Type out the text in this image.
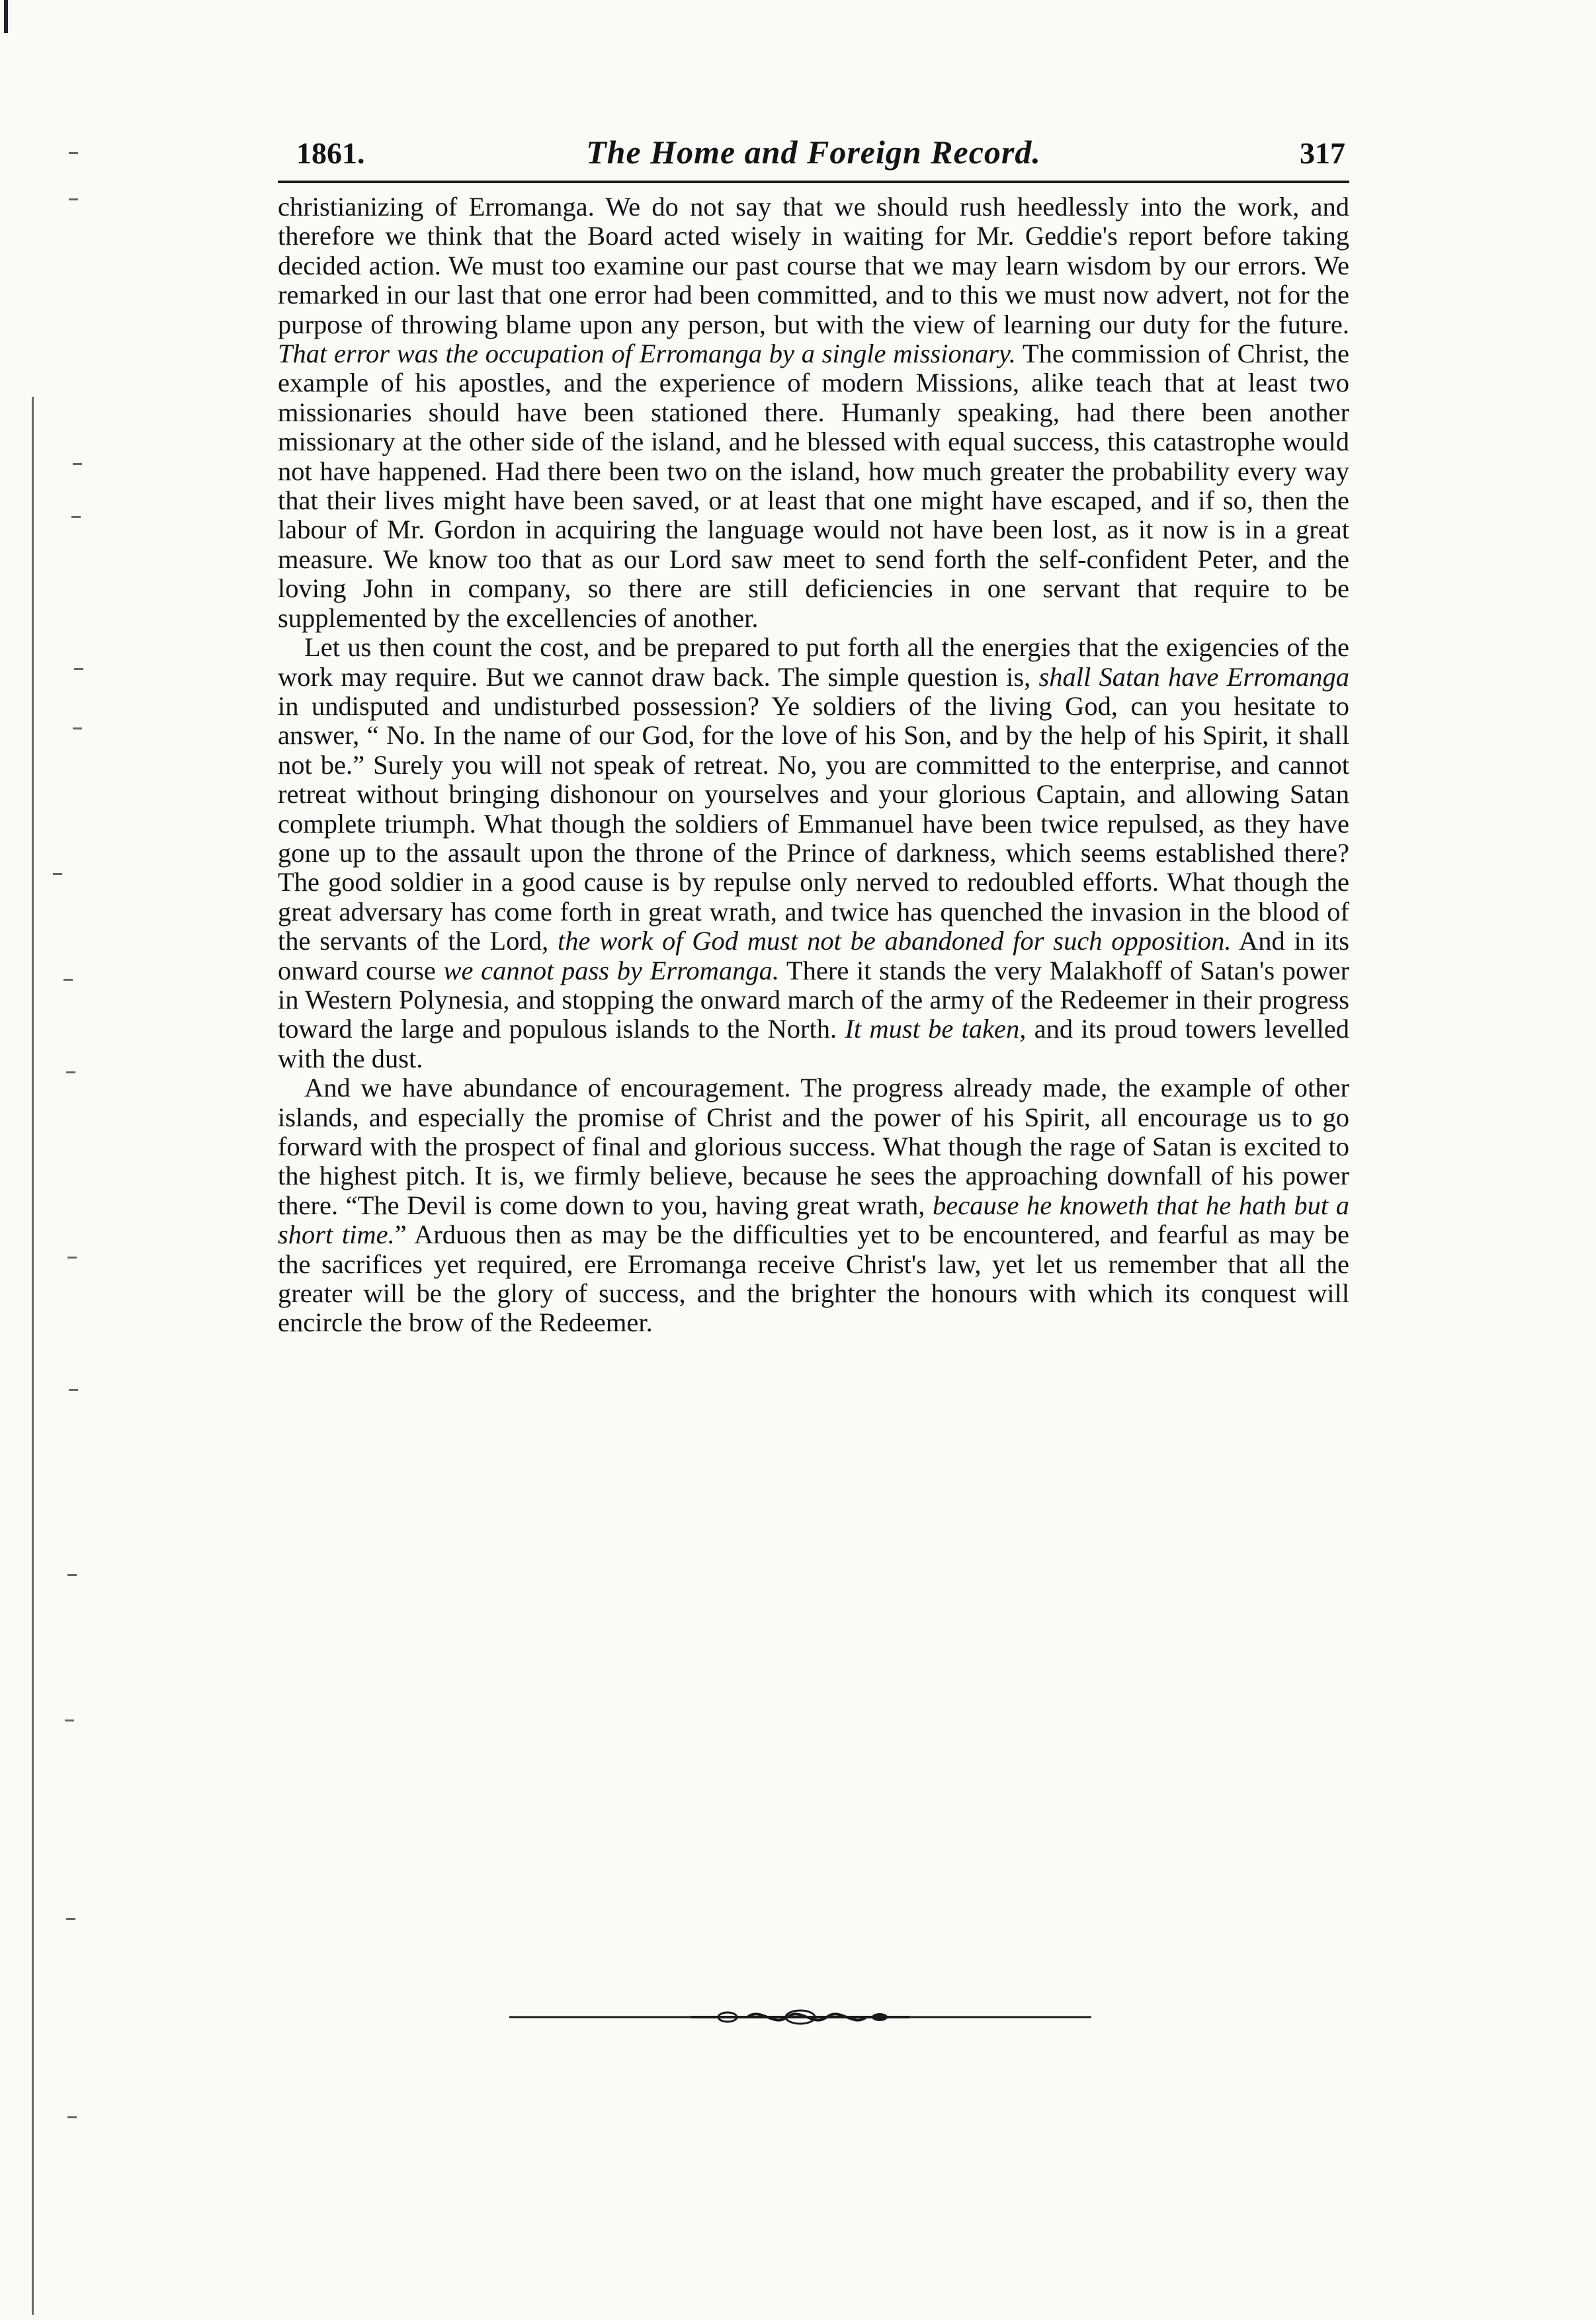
1861.	The Home and Foreign Record.	317

christianizing of Erromanga. We do not say that we should rush heedlessly into the work, and therefore we think that the Board acted wisely in waiting for Mr. Geddie's report before taking decided action. We must too examine our past course that we may learn wisdom by our errors. We remarked in our last that one error had been committed, and to this we must now advert, not for the purpose of throwing blame upon any person, but with the view of learning our duty for the future. That error was the occupation of Erromanga by a single missionary. The commission of Christ, the example of his apostles, and the experience of modern Missions, alike teach that at least two missionaries should have been stationed there. Humanly speaking, had there been another missionary at the other side of the island, and he blessed with equal success, this catastrophe would not have happened. Had there been two on the island, how much greater the probability every way that their lives might have been saved, or at least that one might have escaped, and if so, then the labour of Mr. Gordon in acquiring the language would not have been lost, as it now is in a great measure. We know too that as our Lord saw meet to send forth the self-confident Peter, and the loving John in company, so there are still deficiencies in one servant that require to be supplemented by the excellencies of another.

Let us then count the cost, and be prepared to put forth all the energies that the exigencies of the work may require. But we cannot draw back. The simple question is, shall Satan have Erromanga in undisputed and undisturbed possession? Ye soldiers of the living God, can you hesitate to answer, “ No. In the name of our God, for the love of his Son, and by the help of his Spirit, it shall not be.” Surely you will not speak of retreat. No, you are committed to the enterprise, and cannot retreat without bringing dishonour on yourselves and your glorious Captain, and allowing Satan complete triumph. What though the soldiers of Emmanuel have been twice repulsed, as they have gone up to the assault upon the throne of the Prince of darkness, which seems established there? The good soldier in a good cause is by repulse only nerved to redoubled efforts. What though the great adversary has come forth in great wrath, and twice has quenched the invasion in the blood of the servants of the Lord, the work of God must not be abandoned for such opposition. And in its onward course we cannot pass by Erromanga. There it stands the very Malakhoff of Satan's power in Western Polynesia, and stopping the onward march of the army of the Redeemer in their progress toward the large and populous islands to the North. It must be taken, and its proud towers levelled with the dust.

And we have abundance of encouragement. The progress already made, the example of other islands, and especially the promise of Christ and the power of his Spirit, all encourage us to go forward with the prospect of final and glorious success. What though the rage of Satan is excited to the highest pitch. It is, we firmly believe, because he sees the approaching downfall of his power there. “The Devil is come down to you, having great wrath, because he knoweth that he hath but a short time.” Arduous then as may be the difficulties yet to be encountered, and fearful as may be the sacrifices yet required, ere Erromanga receive Christ's law, yet let us remember that all the greater will be the glory of success, and the brighter the honours with which its conquest will encircle the brow of the Redeemer.
